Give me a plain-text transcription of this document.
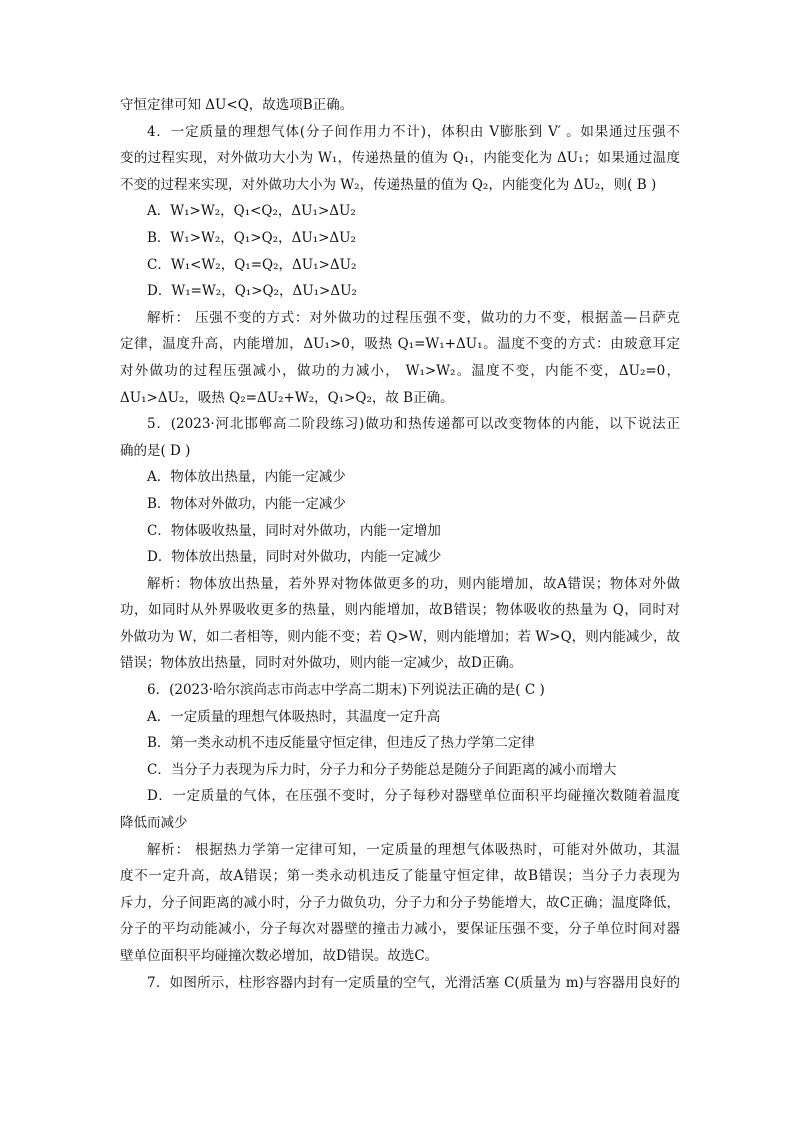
守恒定律可知 ΔU<Q，故选项B正确。
4．一定质量的理想气体(分子间作用力不计)，体积由 V膨胀到 V′ 。如果通过压强不
变的过程实现，对外做功大小为 W₁，传递热量的值为 Q₁，内能变化为 ΔU₁；如果通过温度
不变的过程来实现，对外做功大小为 W₂，传递热量的值为 Q₂，内能变化为 ΔU₂，则( B )
A．W₁>W₂，Q₁<Q₂，ΔU₁>ΔU₂
B．W₁>W₂，Q₁>Q₂，ΔU₁>ΔU₂
C．W₁<W₂，Q₁=Q₂，ΔU₁>ΔU₂
D．W₁=W₂，Q₁>Q₂，ΔU₁>ΔU₂
解析： 压强不变的方式：对外做功的过程压强不变，做功的力不变，根据盖—吕萨克
定律，温度升高，内能增加，ΔU₁>0，吸热 Q₁=W₁+ΔU₁。温度不变的方式：由玻意耳定
对外做功的过程压强减小，做功的力减小， W₁>W₂。温度不变，内能不变，ΔU₂=0，
ΔU₁>ΔU₂，吸热 Q₂=ΔU₂+W₂，Q₁>Q₂，故 B正确。
5．(2023·河北邯郸高二阶段练习)做功和热传递都可以改变物体的内能，以下说法正
确的是( D )
A．物体放出热量，内能一定减少
B．物体对外做功，内能一定减少
C．物体吸收热量，同时对外做功，内能一定增加
D．物体放出热量，同时对外做功，内能一定减少
解析：物体放出热量，若外界对物体做更多的功，则内能增加，故A错误；物体对外做
功，如同时从外界吸收更多的热量，则内能增加，故B错误；物体吸收的热量为 Q，同时对
外做功为 W，如二者相等，则内能不变；若 Q>W，则内能增加；若 W>Q，则内能减少，故
错误；物体放出热量，同时对外做功，则内能一定减少，故D正确。
6．(2023·哈尔滨尚志市尚志中学高二期末)下列说法正确的是( C )
A．一定质量的理想气体吸热时，其温度一定升高
B．第一类永动机不违反能量守恒定律，但违反了热力学第二定律
C．当分子力表现为斥力时，分子力和分子势能总是随分子间距离的减小而增大
D．一定质量的气体，在压强不变时，分子每秒对器壁单位面积平均碰撞次数随着温度
降低而减少
解析： 根据热力学第一定律可知，一定质量的理想气体吸热时，可能对外做功，其温
度不一定升高，故A错误；第一类永动机违反了能量守恒定律，故B错误；当分子力表现为
斥力，分子间距离的减小时，分子力做负功，分子力和分子势能增大，故C正确；温度降低，
分子的平均动能减小，分子每次对器壁的撞击力减小，要保证压强不变，分子单位时间对器
壁单位面积平均碰撞次数必增加，故D错误。故选C。
7．如图所示，柱形容器内封有一定质量的空气，光滑活塞 C(质量为 m)与容器用良好的
